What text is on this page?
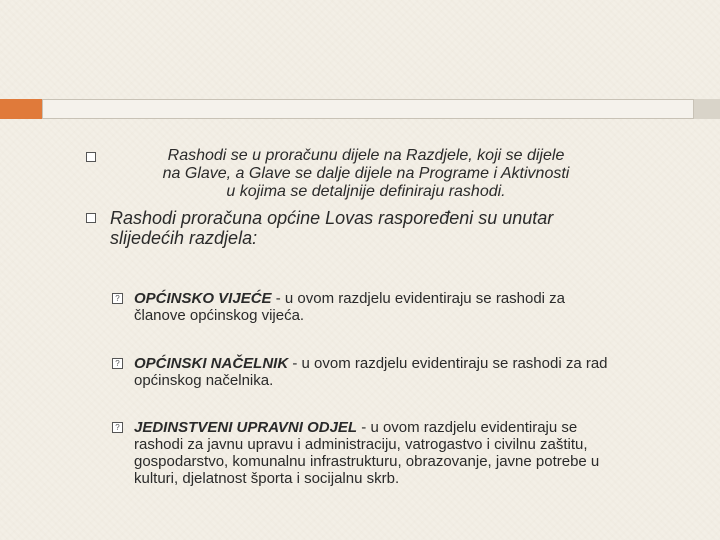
Rashodi se u proračunu dijele na Razdjele, koji se dijele
na Glave, a Glave se dalje dijele na Programe i Aktivnosti
u kojima se detaljnije definiraju rashodi.
Rashodi proračuna općine Lovas raspoređeni su unutar slijedećih razdjela:
? OPĆINSKO VIJEĆE - u ovom razdjelu evidentiraju se rashodi za članove općinskog vijeća.
? OPĆINSKI NAČELNIK - u ovom razdjelu evidentiraju se rashodi za rad općinskog načelnika.
? JEDINSTVENI UPRAVNI ODJEL - u ovom razdjelu evidentiraju se rashodi za javnu upravu i administraciju, vatrogastvo i civilnu zaštitu, gospodarstvo, komunalnu infrastrukturu, obrazovanje, javne potrebe u kulturi, djelatnost športa i socijalnu skrb.
